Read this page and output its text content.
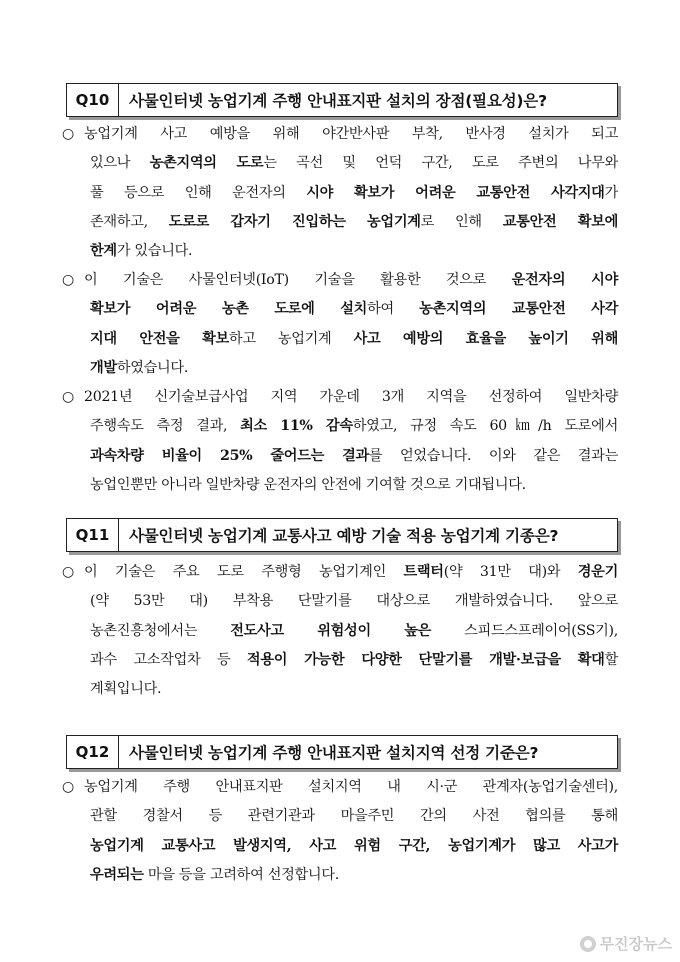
Q10	사물인터넷 농업기계 주행 안내표지판 설치의 장점(필요성)은?
○ 농업기계 사고 예방을 위해 야간반사판 부착, 반사경 설치가 되고
있으나 농촌지역의 도로는 곡선 및 언덕 구간, 도로 주변의 나무와
풀 등으로 인해 운전자의 시야 확보가 어려운 교통안전 사각지대가
존재하고, 도로로 갑자기 진입하는 농업기계로 인해 교통안전 확보에
한계가 있습니다.
○ 이 기술은 사물인터넷(IoT) 기술을 활용한 것으로 운전자의 시야
확보가 어려운 농촌 도로에 설치하여 농촌지역의 교통안전 사각
지대 안전을 확보하고 농업기계 사고 예방의 효율을 높이기 위해
개발하였습니다.
○ 2021년 신기술보급사업 지역 가운데 3개 지역을 선정하여 일반차량
주행속도 측정 결과, 최소 11% 감속하였고, 규정 속도 60㎞/h 도로에서
과속차량 비율이 25% 줄어드는 결과를 얻었습니다. 이와 같은 결과는
농업인뿐만 아니라 일반차량 운전자의 안전에 기여할 것으로 기대됩니다.
Q11	사물인터넷 농업기계 교통사고 예방 기술 적용 농업기계 기종은?
○ 이 기술은 주요 도로 주행형 농업기계인 트랙터(약 31만 대)와 경운기
(약 53만 대) 부착용 단말기를 대상으로 개발하였습니다. 앞으로
농촌진흥청에서는 전도사고 위험성이 높은 스피드스프레이어(SS기),
과수 고소작업차 등 적용이 가능한 다양한 단말기를 개발·보급을 확대할
계획입니다.
Q12	사물인터넷 농업기계 주행 안내표지판 설치지역 선정 기준은?
○ 농업기계 주행 안내표지판 설치지역 내 시·군 관계자(농업기술센터),
관할 경찰서 등 관련기관과 마을주민 간의 사전 협의를 통해
농업기계 교통사고 발생지역, 사고 위험 구간, 농업기계가 많고 사고가
우려되는 마을 등을 고려하여 선정합니다.
무진장뉴스
